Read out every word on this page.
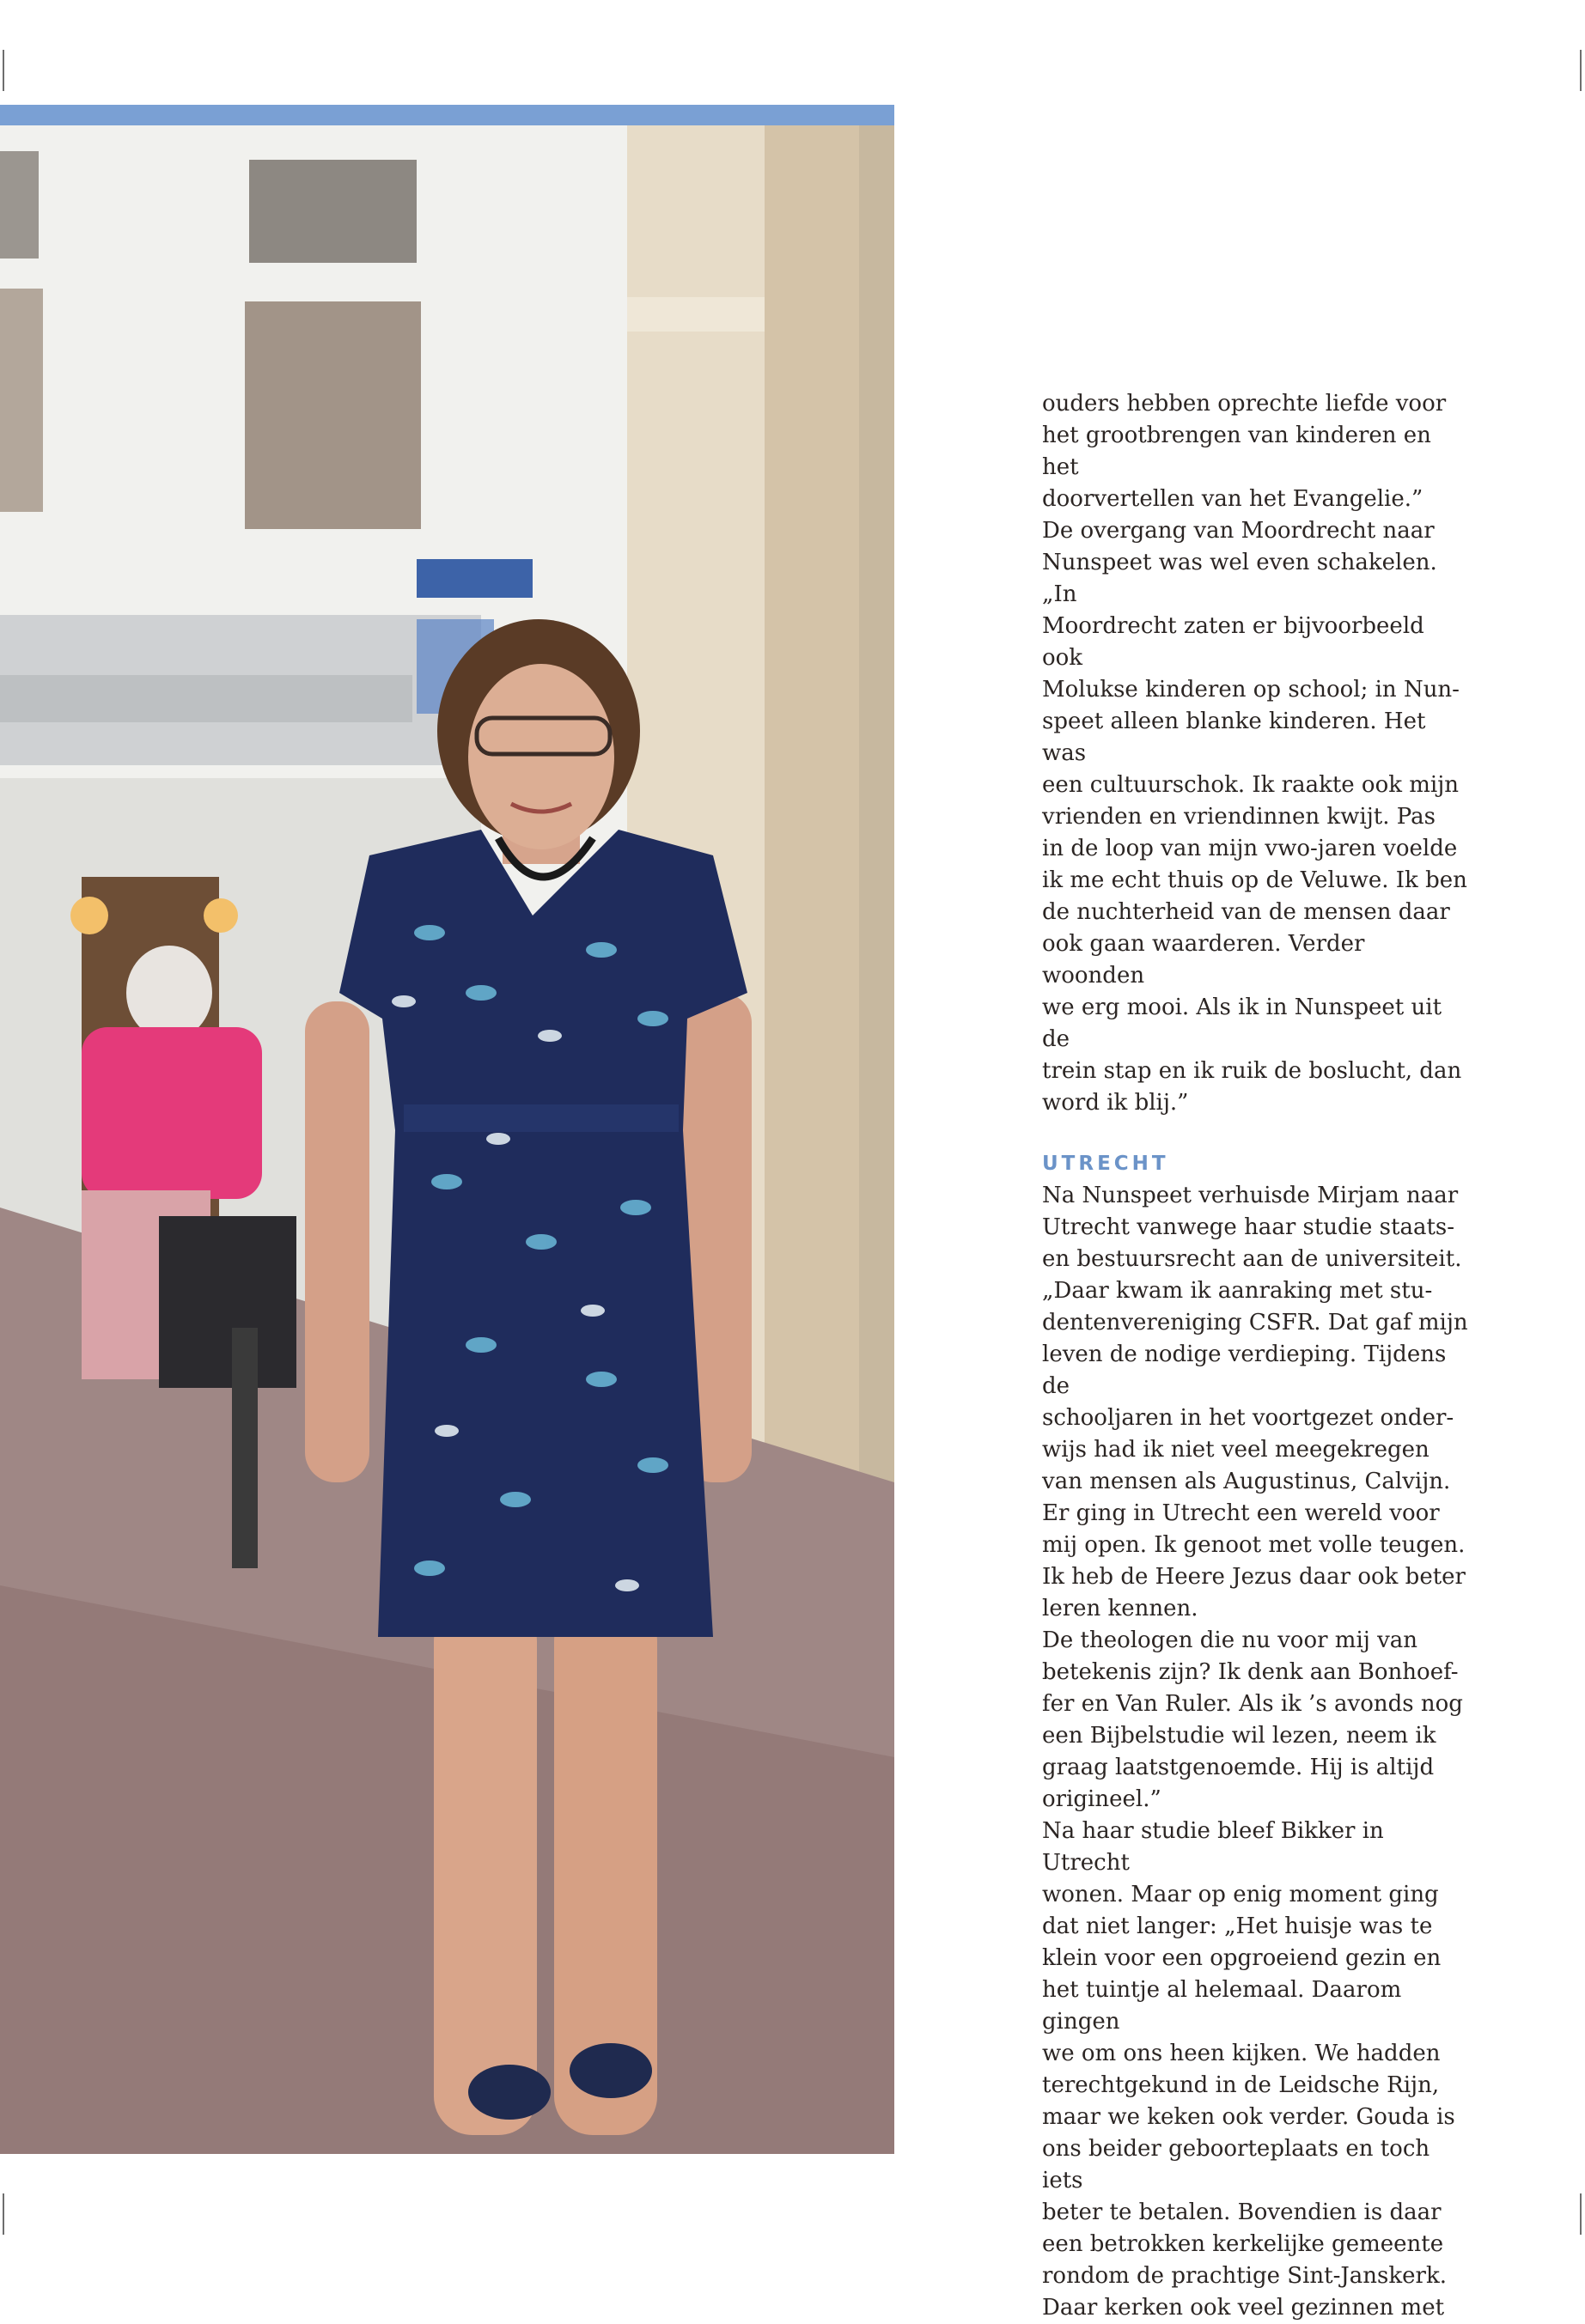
ouders hebben oprechte liefde voor
het grootbrengen van kinderen en het
doorvertellen van het Evangelie.”

De overgang van Moordrecht naar
Nunspeet was wel even schakelen. „In
Moordrecht zaten er bijvoorbeeld ook
Molukse kinderen op school; in Nun-
speet alleen blanke kinderen. Het was
een cultuurschok. Ik raakte ook mijn
vrienden en vriendinnen kwijt. Pas
in de loop van mijn vwo-jaren voelde
ik me echt thuis op de Veluwe. Ik ben
de nuchterheid van de mensen daar
ook gaan waarderen. Verder woonden
we erg mooi. Als ik in Nunspeet uit de
trein stap en ik ruik de boslucht, dan
word ik blij.”

UTRECHT

Na Nunspeet verhuisde Mirjam naar
Utrecht vanwege haar studie staats-
en bestuursrecht aan de universiteit.
„Daar kwam ik aanraking met stu-
dentenvereniging CSFR. Dat gaf mijn
leven de nodige verdieping. Tijdens de
schooljaren in het voortgezet onder-
wijs had ik niet veel meegekregen
van mensen als Augustinus, Calvijn.
Er ging in Utrecht een wereld voor
mij open. Ik genoot met volle teugen.
Ik heb de Heere Jezus daar ook beter
leren kennen.

De theologen die nu voor mij van
betekenis zijn? Ik denk aan Bonhoef-
fer en Van Ruler. Als ik ’s avonds nog
een Bijbelstudie wil lezen, neem ik
graag laatstgenoemde. Hij is altijd
origineel.”

Na haar studie bleef Bikker in Utrecht
wonen. Maar op enig moment ging
dat niet langer: „Het huisje was te
klein voor een opgroeiend gezin en
het tuintje al helemaal. Daarom gingen
we om ons heen kijken. We hadden
terechtgekund in de Leidsche Rijn,
maar we keken ook verder. Gouda is
ons beider geboorteplaats en toch iets
beter te betalen. Bovendien is daar
een betrokken kerkelijke gemeente
rondom de prachtige Sint-Janskerk.
Daar kerken ook veel gezinnen met
